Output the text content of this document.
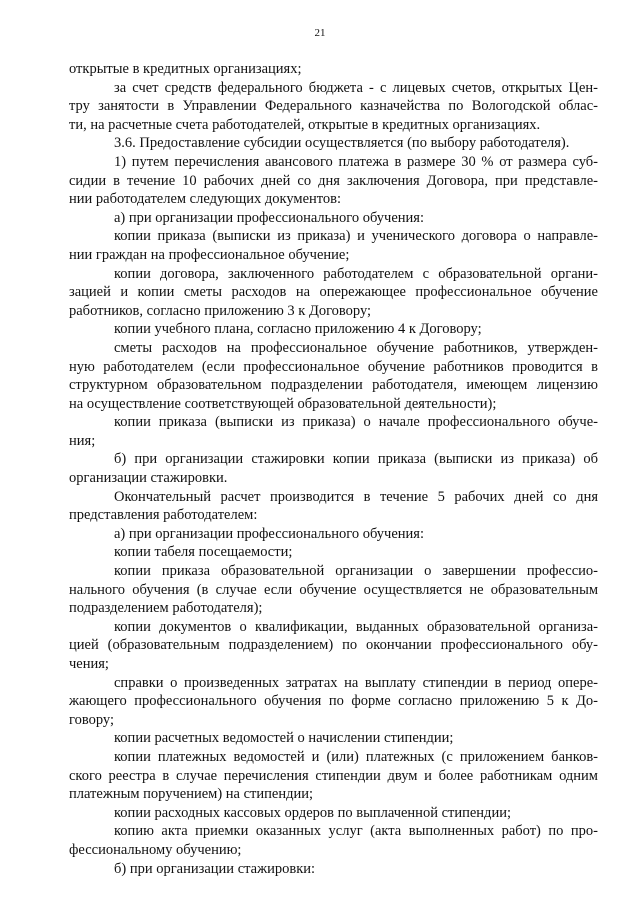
21
открытые в кредитных организациях;
за счет средств федерального бюджета - с лицевых счетов, открытых Цен-
тру занятости в Управлении Федерального казначейства по Вологодской облас-
ти, на расчетные счета работодателей, открытые в кредитных организациях.
3.6. Предоставление субсидии осуществляется (по выбору работодателя).
1) путем перечисления авансового платежа в размере 30 % от размера суб-
сидии в течение 10 рабочих дней со дня заключения Договора, при представле-
нии работодателем следующих документов:
а) при организации профессионального обучения:
копии приказа (выписки из приказа) и ученического договора о направле-
нии граждан на профессиональное обучение;
копии договора, заключенного работодателем с образовательной органи-
зацией и копии сметы расходов на опережающее профессиональное обучение
работников, согласно приложению 3 к Договору;
копии учебного плана, согласно приложению 4 к Договору;
сметы расходов на профессиональное обучение работников, утвержден-
ную работодателем (если профессиональное обучение работников проводится в
структурном образовательном подразделении работодателя, имеющем лицензию
на осуществление соответствующей образовательной деятельности);
копии приказа (выписки из приказа) о начале профессионального обуче-
ния;
б) при организации стажировки копии приказа (выписки из приказа) об
организации стажировки.
Окончательный расчет производится в течение 5 рабочих дней со дня
представления работодателем:
а) при организации профессионального обучения:
копии табеля посещаемости;
копии приказа образовательной организации о завершении профессио-
нального обучения (в случае если обучение осуществляется не образовательным
подразделением работодателя);
копии документов о квалификации, выданных образовательной организа-
цией (образовательным подразделением) по окончании профессионального обу-
чения;
справки о произведенных затратах на выплату стипендии в период опере-
жающего профессионального обучения по форме согласно приложению 5 к До-
говору;
копии расчетных ведомостей о начислении стипендии;
копии платежных ведомостей и (или) платежных (с приложением банков-
ского реестра в случае перечисления стипендии двум и более работникам одним
платежным поручением) на стипендии;
копии расходных кассовых ордеров по выплаченной стипендии;
копию акта приемки оказанных услуг (акта выполненных работ) по про-
фессиональному обучению;
б) при организации стажировки:
